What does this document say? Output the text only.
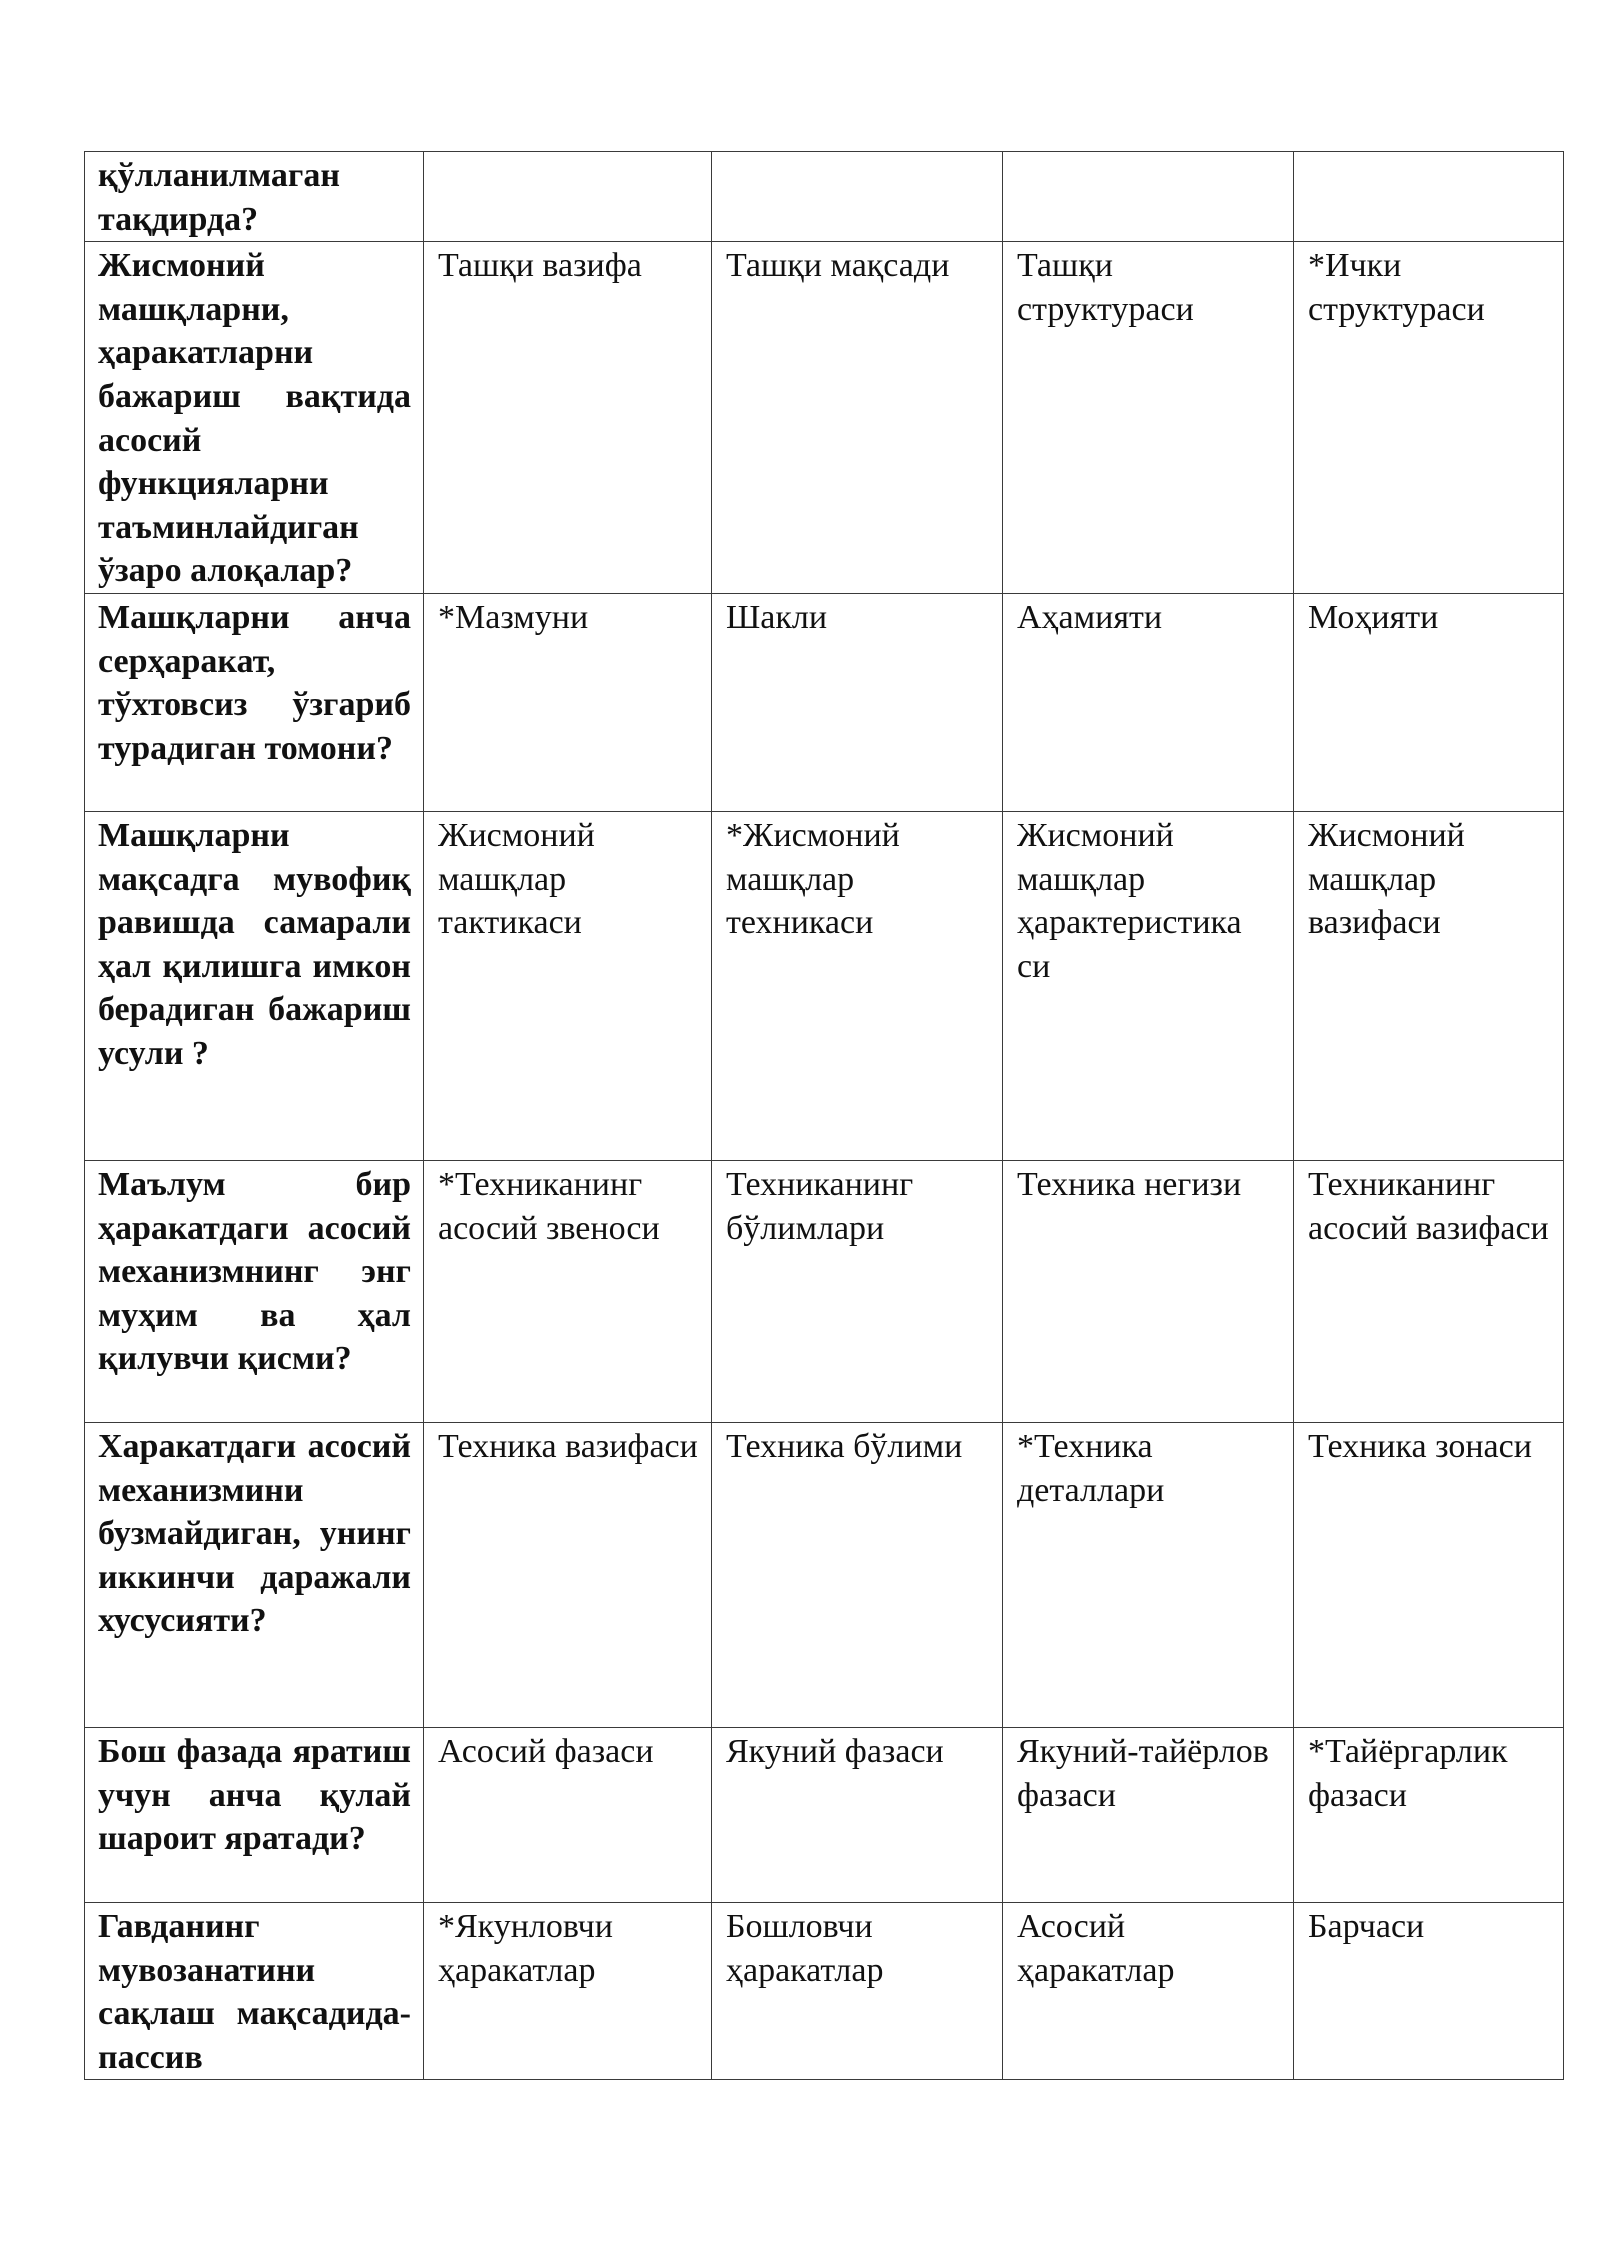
қўлланилмаган тақдирда?				
Жисмоний машқларни, ҳаракатларни бажариш вақтида асосий функцияларни таъминлайдиган ўзаро алоқалар?	Ташқи вазифа	Ташқи мақсади	Ташқи структураси	*Ички структураси
Машқларни анча серҳаракат, тўхтовсиз ўзгариб турадиган томони?	*Мазмуни	Шакли	Аҳамияти	Моҳияти
Машқларни мақсадга мувофиқ равишда самарали ҳал қилишга имкон берадиган бажариш усули ?	Жисмоний машқлар тактикаси	*Жисмоний машқлар техникаси	Жисмоний машқлар ҳарактеристика си	Жисмоний машқлар вазифаси
Маълум бир ҳаракатдаги асосий механизмнинг энг муҳим ва ҳал қилувчи қисми?	*Техниканинг асосий звеноси	Техниканинг бўлимлари	Техника негизи	Техниканинг асосий вазифаси
Харакатдаги асосий механизмини бузмайдиган, унинг иккинчи даражали хусусияти?	Техника вазифаси	Техника бўлими	*Техника деталлари	Техника зонаси
Бош фазада яратиш учун анча қулай шароит яратади?	Асосий фазаси	Якуний фазаси	Якуний-тайёрлов фазаси	*Тайёргарлик фазаси
Гавданинг мувозанатини сақлаш мақсадида-пассив	*Якунловчи ҳаракатлар	Бошловчи ҳаракатлар	Асосий ҳаракатлар	Барчаси
